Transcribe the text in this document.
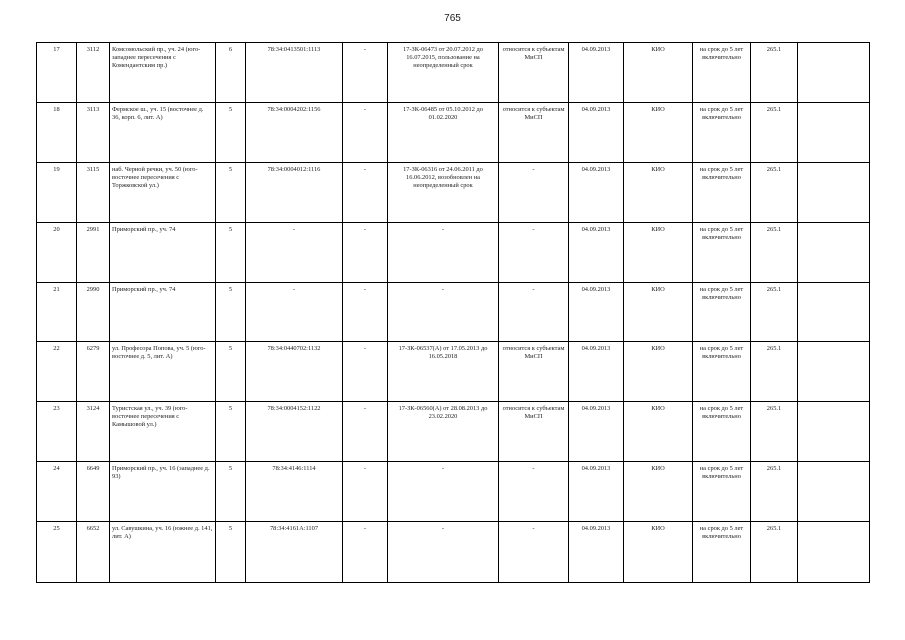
765
17	3112	Комсомольский пр., уч. 24 (юго-западнее пересечения с Комендантским пр.)	6	78:34:0413501:1113	-	17-ЗК-06473 от 20.07.2012 до 16.07.2015, пользование на неопределенный срок	относится к субъектам МиСП	04.09.2013	КИО	на срок до 5 лет включительно	265.1	
18	3113	Фермское ш., уч. 15 (восточнее д. 36, корп. 6, лит. А)	5	78:34:0004202:1156	-	17-ЗК-06485 от 05.10.2012 до 01.02.2020	относится к субъектам МиСП	04.09.2013	КИО	на срок до 5 лет включительно	265.1	
19	3115	наб. Черной речки, уч. 50 (юго-восточнее пересечения с Торжковской ул.)	5	78:34:0004012:1116	-	17-ЗК-06316 от 24.06.2011 до 16.06.2012, возобновлен на неопределенный срок	-	04.09.2013	КИО	на срок до 5 лет включительно	265.1	
20	2991	Приморский пр., уч. 74	5	-	-	-	-	04.09.2013	КИО	на срок до 5 лет включительно	265.1	
21	2990	Приморский пр., уч. 74	5	-	-	-	-	04.09.2013	КИО	на срок до 5 лет включительно	265.1	
22	6279	ул. Професора Попова, уч. 5 (юго-восточнее д. 5, лит. А)	5	78:34:0440702:1132	-	17-ЗК-06537(А) от 17.05.2013 до 16.05.2018	относится к субъектам МиСП	04.09.2013	КИО	на срок до 5 лет включительно	265.1	
23	3124	Туристская ул., уч. 39 (юго-восточнее пересечения с Камышовой ул.)	5	78:34:0004152:1122	-	17-ЗК-06560(А) от 28.08.2013 до 23.02.2020	относится к субъектам МиСП	04.09.2013	КИО	на срок до 5 лет включительно	265.1	
24	6649	Приморский пр., уч. 16 (западнее д. 93)	5	78:34:4146:1114	-	-	-	04.09.2013	КИО	на срок до 5 лет включительно	265.1	
25	6652	ул. Савушкина, уч. 16 (южнее д. 141, лит. А)	5	78:34:4161А:1107	-	-	-	04.09.2013	КИО	на срок до 5 лет включительно	265.1	
